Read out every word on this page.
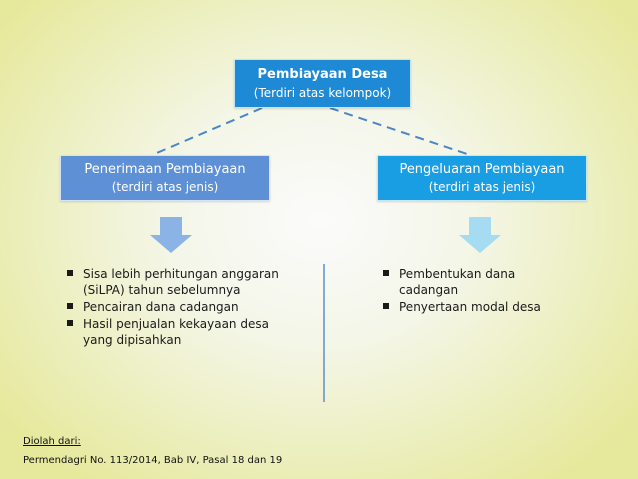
Pembiayaan Desa
(Terdiri atas kelompok)
Penerimaan Pembiayaan
(terdiri atas jenis)
Pengeluaran Pembiayaan
(terdiri atas jenis)
Sisa lebih perhitungan anggaran (SiLPA) tahun sebelumnya
Pencairan dana cadangan
Hasil penjualan kekayaan desa yang dipisahkan
Pembentukan dana cadangan
Penyertaan modal desa
Diolah dari:
Permendagri No. 113/2014, Bab IV, Pasal 18 dan 19
